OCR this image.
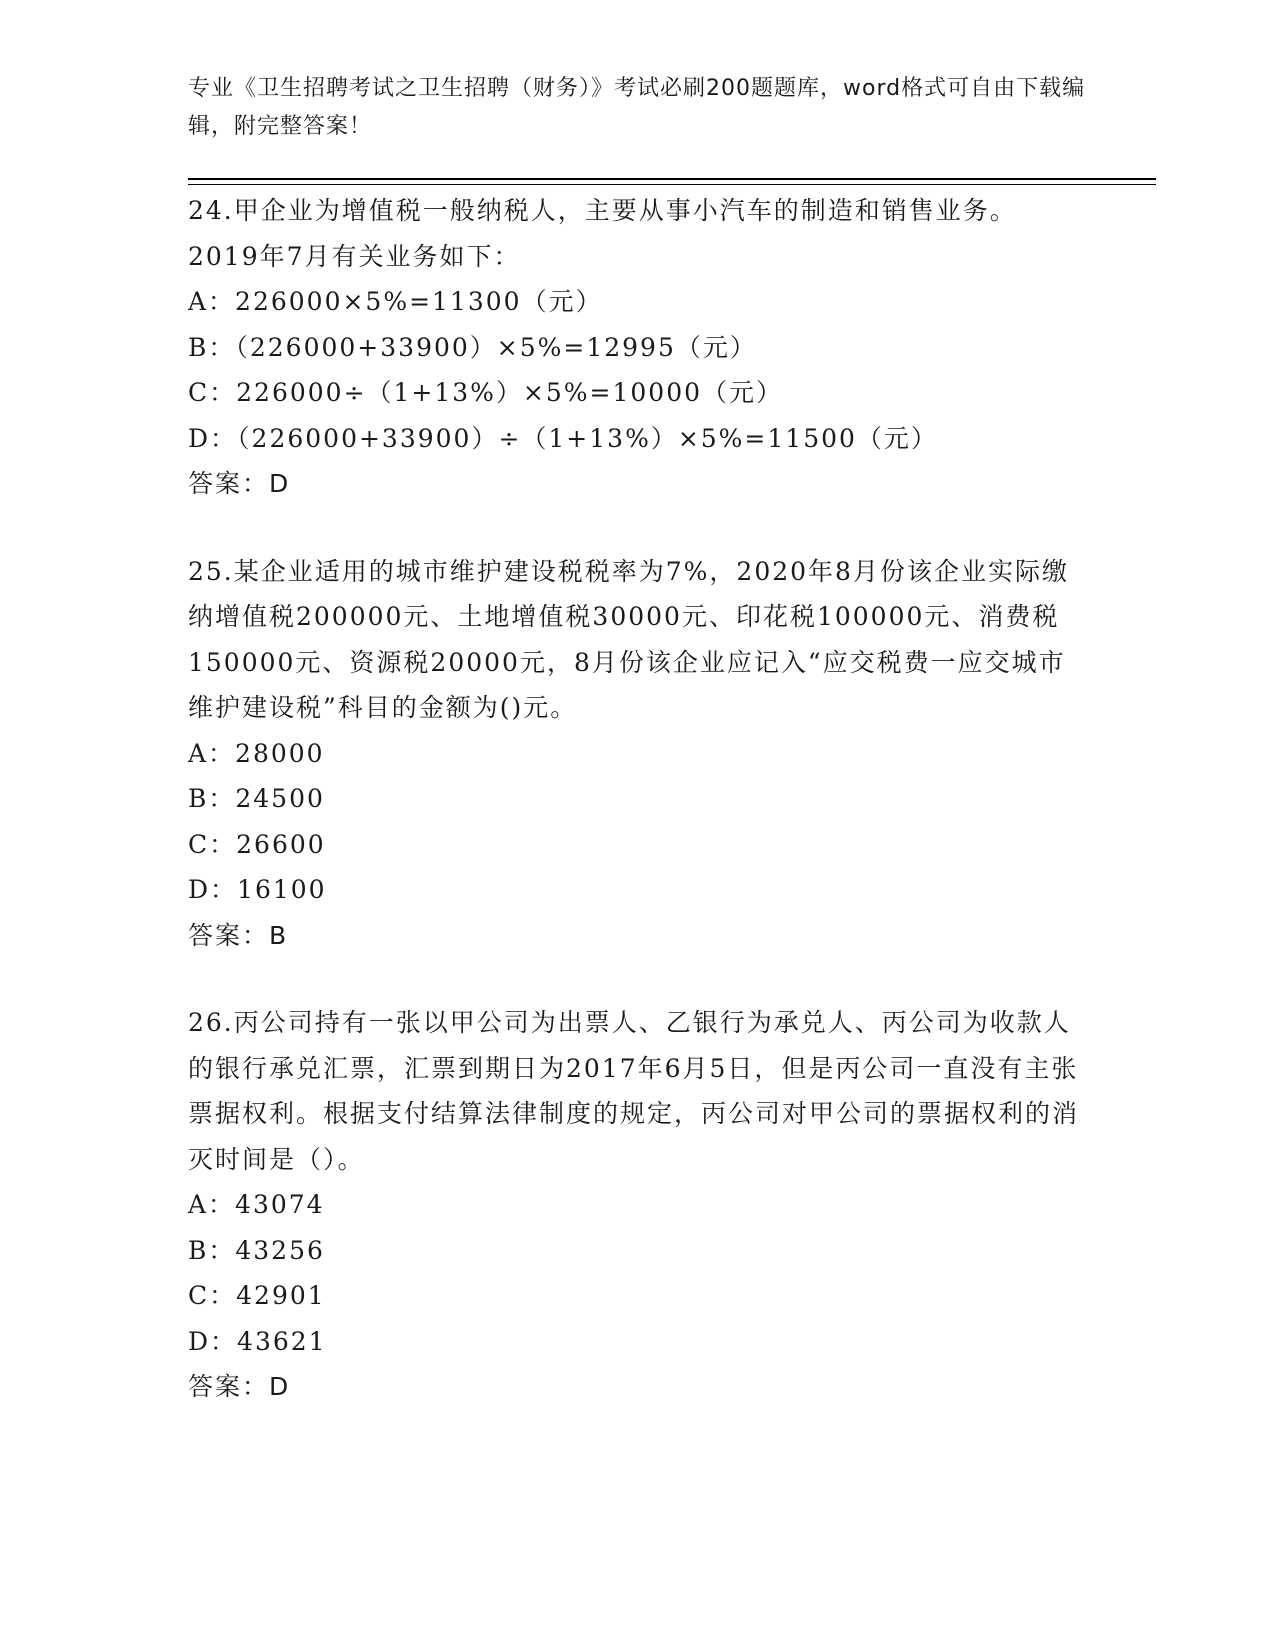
专业《卫生招聘考试之卫生招聘（财务）》考试必刷200题题库，word格式可自由下载编辑，附完整答案！
24.甲企业为增值税一般纳税人，主要从事小汽车的制造和销售业务。2019年7月有关业务如下：
A：226000×5%=11300（元）
B：（226000+33900）×5%=12995（元）
C：226000÷（1+13%）×5%=10000（元）
D：（226000+33900）÷（1+13%）×5%=11500（元）
答案：D
25.某企业适用的城市维护建设税税率为7%，2020年8月份该企业实际缴纳增值税200000元、土地增值税30000元、印花税100000元、消费税150000元、资源税20000元，8月份该企业应记入“应交税费一应交城市维护建设税”科目的金额为()元。
A：28000
B：24500
C：26600
D：16100
答案：B
26.丙公司持有一张以甲公司为出票人、乙银行为承兑人、丙公司为收款人的银行承兑汇票，汇票到期日为2017年6月5日，但是丙公司一直没有主张票据权利。根据支付结算法律制度的规定，丙公司对甲公司的票据权利的消灭时间是（）。
A：43074
B：43256
C：42901
D：43621
答案：D
